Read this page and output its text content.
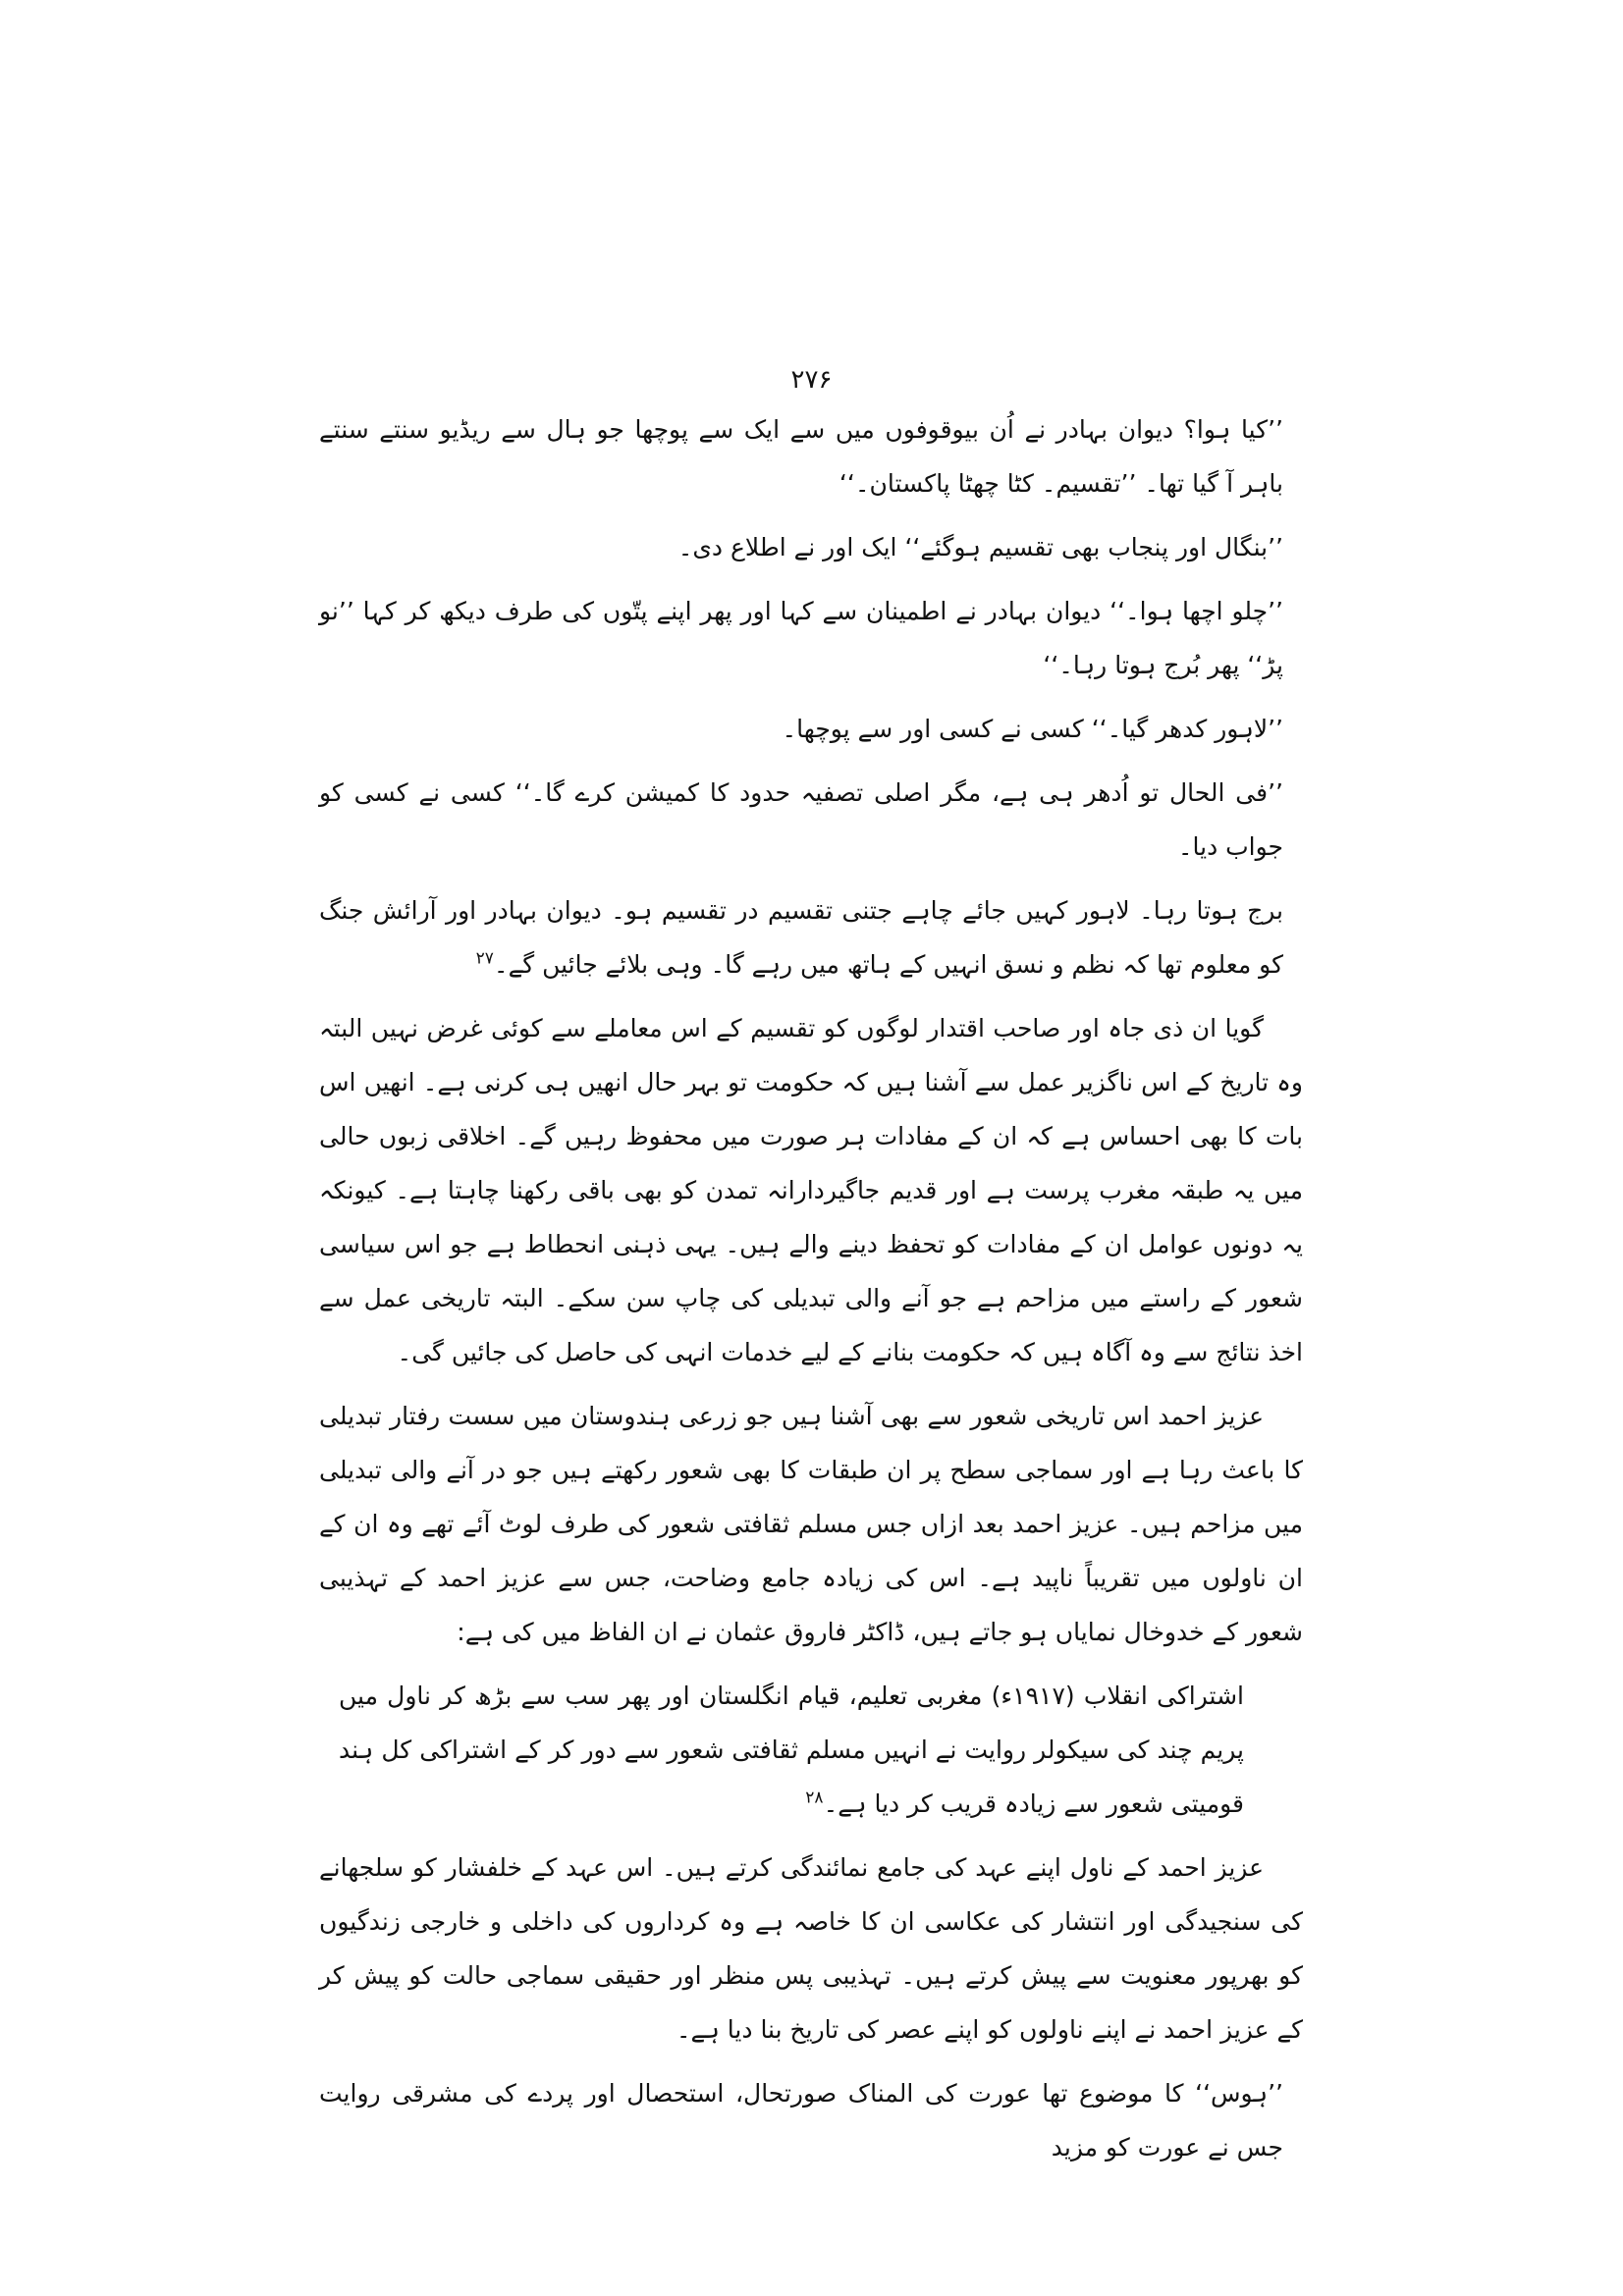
۲۷۶

’’کیا ہوا؟ دیوان بہادر نے اُن بیوقوفوں میں سے ایک سے پوچھا جو ہال سے ریڈیو سنتے سنتے باہر آ گیا تھا۔ ’’تقسیم۔ کٹا چھٹا پاکستان۔‘‘

’’بنگال اور پنجاب بھی تقسیم ہوگئے‘‘ ایک اور نے اطلاع دی۔

’’چلو اچھا ہوا۔‘‘ دیوان بہادر نے اطمینان سے کہا اور پھر اپنے پتّوں کی طرف دیکھ کر کہا ’’نو پڑ‘‘ پھر بُرج ہوتا رہا۔‘‘

’’لاہور کدھر گیا۔‘‘ کسی نے کسی اور سے پوچھا۔

’’فی الحال تو اُدھر ہی ہے، مگر اصلی تصفیہ حدود کا کمیشن کرے گا۔‘‘ کسی نے کسی کو جواب دیا۔

برج ہوتا رہا۔ لاہور کہیں جائے چاہے جتنی تقسیم در تقسیم ہو۔ دیوان بہادر اور آرائش جنگ کو معلوم تھا کہ نظم و نسق انہیں کے ہاتھ میں رہے گا۔ وہی بلائے جائیں گے۔$^{۲۷}$

گویا ان ذی جاہ اور صاحب اقتدار لوگوں کو تقسیم کے اس معاملے سے کوئی غرض نہیں البتہ وہ تاریخ کے اس ناگزیر عمل سے آشنا ہیں کہ حکومت تو بہر حال انھیں ہی کرنی ہے۔ انھیں اس بات کا بھی احساس ہے کہ ان کے مفادات ہر صورت میں محفوظ رہیں گے۔ اخلاقی زبوں حالی میں یہ طبقہ مغرب پرست ہے اور قدیم جاگیردارانہ تمدن کو بھی باقی رکھنا چاہتا ہے۔ کیونکہ یہ دونوں عوامل ان کے مفادات کو تحفظ دینے والے ہیں۔ یہی ذہنی انحطاط ہے جو اس سیاسی شعور کے راستے میں مزاحم ہے جو آنے والی تبدیلی کی چاپ سن سکے۔ البتہ تاریخی عمل سے اخذ نتائج سے وہ آگاہ ہیں کہ حکومت بنانے کے لیے خدمات انہی کی حاصل کی جائیں گی۔

عزیز احمد اس تاریخی شعور سے بھی آشنا ہیں جو زرعی ہندوستان میں سست رفتار تبدیلی کا باعث رہا ہے اور سماجی سطح پر ان طبقات کا بھی شعور رکھتے ہیں جو در آنے والی تبدیلی میں مزاحم ہیں۔ عزیز احمد بعد ازاں جس مسلم ثقافتی شعور کی طرف لوٹ آئے تھے وہ ان کے ان ناولوں میں تقریباً ناپید ہے۔ اس کی زیادہ جامع وضاحت، جس سے عزیز احمد کے تہذیبی شعور کے خدوخال نمایاں ہو جاتے ہیں، ڈاکٹر فاروق عثمان نے ان الفاظ میں کی ہے:

اشتراکی انقلاب (۱۹۱۷ء) مغربی تعلیم، قیام انگلستان اور پھر سب سے بڑھ کر ناول میں پریم چند کی سیکولر روایت نے انہیں مسلم ثقافتی شعور سے دور کر کے اشتراکی کل ہند قومیتی شعور سے زیادہ قریب کر دیا ہے۔$^{۲۸}$

عزیز احمد کے ناول اپنے عہد کی جامع نمائندگی کرتے ہیں۔ اس عہد کے خلفشار کو سلجھانے کی سنجیدگی اور انتشار کی عکاسی ان کا خاصہ ہے وہ کرداروں کی داخلی و خارجی زندگیوں کو بھرپور معنویت سے پیش کرتے ہیں۔ تہذیبی پس منظر اور حقیقی سماجی حالت کو پیش کر کے عزیز احمد نے اپنے ناولوں کو اپنے عصر کی تاریخ بنا دیا ہے۔

’’ہوس‘‘ کا موضوع تھا عورت کی المناک صورتحال، استحصال اور پردے کی مشرقی روایت جس نے عورت کو مزید
